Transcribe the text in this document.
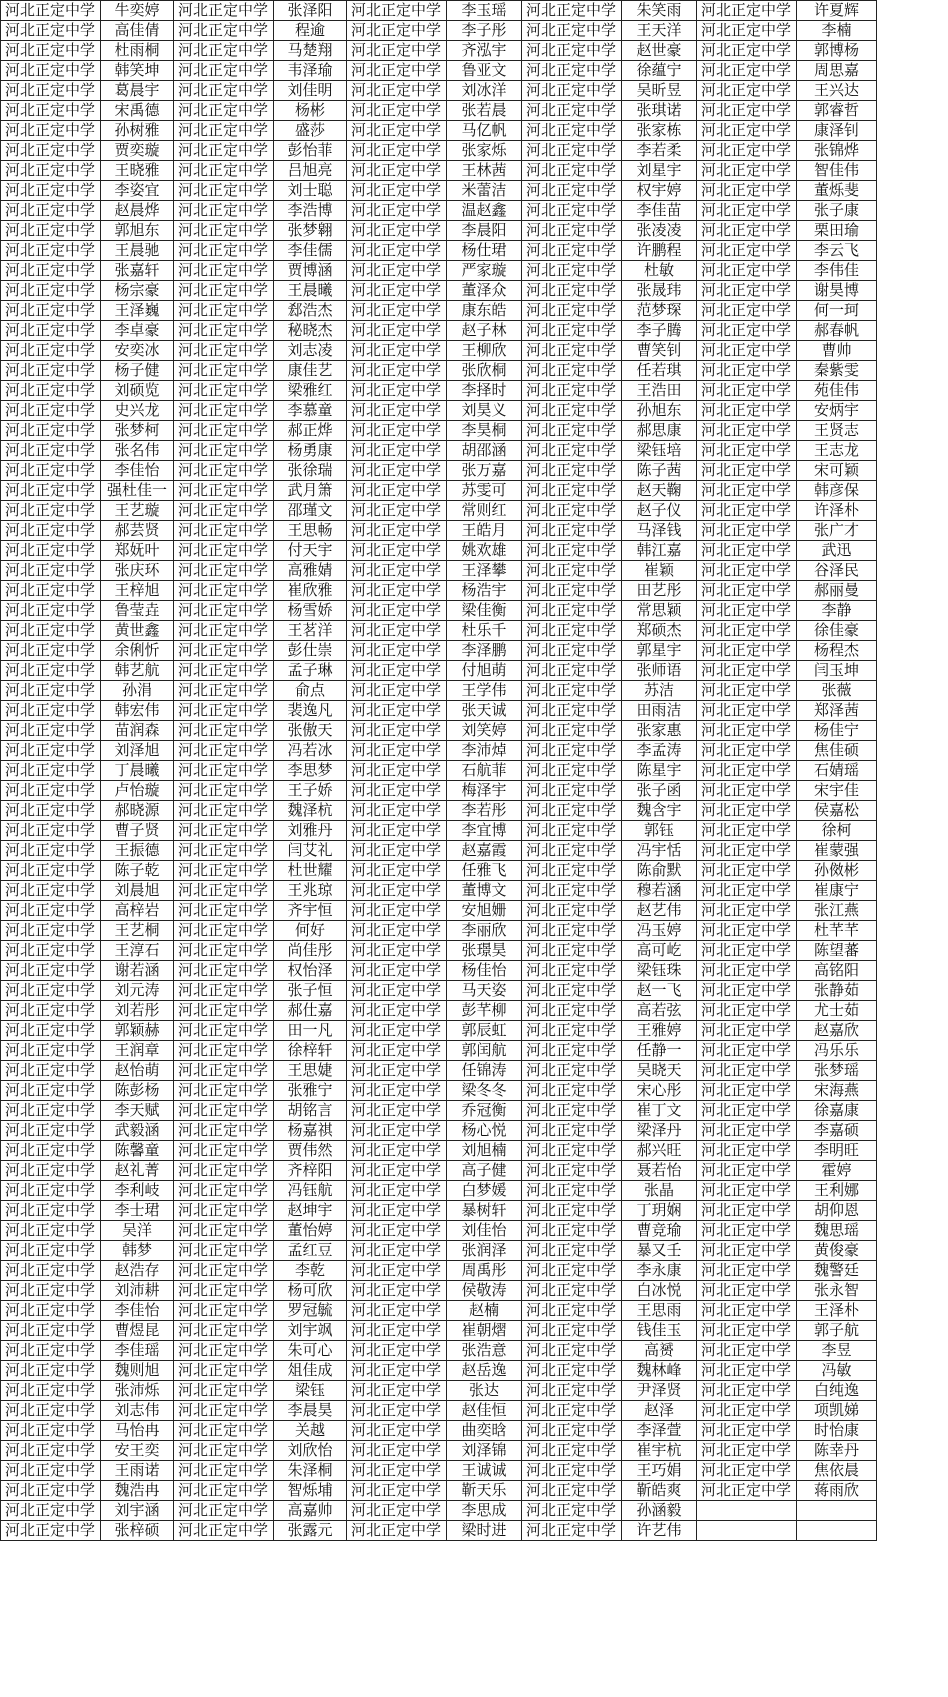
河北正定中学	牛奕婷	河北正定中学	张泽阳	河北正定中学	李玉瑶	河北正定中学	朱笑雨	河北正定中学	许夏辉
河北正定中学	高佳倩	河北正定中学	程逾	河北正定中学	李子彤	河北正定中学	王天洋	河北正定中学	李楠
河北正定中学	杜雨桐	河北正定中学	马楚翔	河北正定中学	齐泓宇	河北正定中学	赵世豪	河北正定中学	郭博杨
河北正定中学	韩笑坤	河北正定中学	韦泽瑜	河北正定中学	鲁亚文	河北正定中学	徐蕴宁	河北正定中学	周思嘉
河北正定中学	葛晨宇	河北正定中学	刘佳明	河北正定中学	刘冰洋	河北正定中学	吴昕昱	河北正定中学	王兴达
河北正定中学	宋禹德	河北正定中学	杨彬	河北正定中学	张若晨	河北正定中学	张琪诺	河北正定中学	郭睿哲
河北正定中学	孙树雅	河北正定中学	盛莎	河北正定中学	马亿帆	河北正定中学	张家栋	河北正定中学	康泽钊
河北正定中学	贾奕璇	河北正定中学	彭怡菲	河北正定中学	张家烁	河北正定中学	李若柔	河北正定中学	张锦烨
河北正定中学	王晓雅	河北正定中学	吕旭亮	河北正定中学	王林茜	河北正定中学	刘星宇	河北正定中学	智佳伟
河北正定中学	李姿宜	河北正定中学	刘士聪	河北正定中学	米蕾洁	河北正定中学	权宇婷	河北正定中学	董烁斐
河北正定中学	赵晨烨	河北正定中学	李浩博	河北正定中学	温赵鑫	河北正定中学	李佳苗	河北正定中学	张子康
河北正定中学	郭旭东	河北正定中学	张梦翱	河北正定中学	李晨阳	河北正定中学	张凌凌	河北正定中学	栗田瑜
河北正定中学	王晨驰	河北正定中学	李佳儒	河北正定中学	杨仕珺	河北正定中学	许鹏程	河北正定中学	李云飞
河北正定中学	张嘉轩	河北正定中学	贾博涵	河北正定中学	严家璇	河北正定中学	杜敏	河北正定中学	李伟佳
河北正定中学	杨宗豪	河北正定中学	王晨曦	河北正定中学	董泽众	河北正定中学	张晟玮	河北正定中学	谢昊博
河北正定中学	王泽巍	河北正定中学	郄浩杰	河北正定中学	康东皓	河北正定中学	范梦琛	河北正定中学	何一珂
河北正定中学	李卓豪	河北正定中学	秘晓杰	河北正定中学	赵子林	河北正定中学	李子腾	河北正定中学	郝春帆
河北正定中学	安奕冰	河北正定中学	刘志凌	河北正定中学	王柳欣	河北正定中学	曹笑钊	河北正定中学	曹帅
河北正定中学	杨子健	河北正定中学	康佳艺	河北正定中学	张欣桐	河北正定中学	任若琪	河北正定中学	秦紫雯
河北正定中学	刘硕览	河北正定中学	梁雅红	河北正定中学	李择时	河北正定中学	王浩田	河北正定中学	苑佳伟
河北正定中学	史兴龙	河北正定中学	李慕童	河北正定中学	刘昊义	河北正定中学	孙旭东	河北正定中学	安炳宇
河北正定中学	张梦柯	河北正定中学	郝正烨	河北正定中学	李昊桐	河北正定中学	郝思康	河北正定中学	王贤志
河北正定中学	张名伟	河北正定中学	杨勇康	河北正定中学	胡邵涵	河北正定中学	梁钰培	河北正定中学	王志龙
河北正定中学	李佳怡	河北正定中学	张徐瑞	河北正定中学	张万嘉	河北正定中学	陈子茜	河北正定中学	宋可颖
河北正定中学	强杜佳一	河北正定中学	武月箫	河北正定中学	苏雯可	河北正定中学	赵天鞠	河北正定中学	韩彦保
河北正定中学	王艺璇	河北正定中学	邵瑾文	河北正定中学	常则红	河北正定中学	赵子仪	河北正定中学	许泽朴
河北正定中学	郝芸贤	河北正定中学	王思畅	河北正定中学	王皓月	河北正定中学	马泽钱	河北正定中学	张广才
河北正定中学	郑妩叶	河北正定中学	付天宇	河北正定中学	姚欢雄	河北正定中学	韩江嘉	河北正定中学	武迅
河北正定中学	张庆环	河北正定中学	高雅婧	河北正定中学	王泽攀	河北正定中学	崔颖	河北正定中学	谷泽民
河北正定中学	王梓旭	河北正定中学	崔欣雅	河北正定中学	杨浩宇	河北正定中学	田艺彤	河北正定中学	郝丽曼
河北正定中学	鲁莹垚	河北正定中学	杨雪娇	河北正定中学	梁佳衡	河北正定中学	常思颖	河北正定中学	李静
河北正定中学	黄世鑫	河北正定中学	王茗洋	河北正定中学	杜乐千	河北正定中学	郑硕杰	河北正定中学	徐佳豪
河北正定中学	余俐忻	河北正定中学	彭仕崇	河北正定中学	李泽鹏	河北正定中学	郭星宇	河北正定中学	杨程杰
河北正定中学	韩艺航	河北正定中学	孟子琳	河北正定中学	付旭萌	河北正定中学	张师语	河北正定中学	闫玉坤
河北正定中学	孙涓	河北正定中学	俞点	河北正定中学	王学伟	河北正定中学	苏洁	河北正定中学	张薇
河北正定中学	韩宏伟	河北正定中学	裴逸凡	河北正定中学	张天诚	河北正定中学	田雨洁	河北正定中学	郑泽茜
河北正定中学	苗润森	河北正定中学	张傲天	河北正定中学	刘笑婷	河北正定中学	张家惠	河北正定中学	杨佳宁
河北正定中学	刘泽旭	河北正定中学	冯若冰	河北正定中学	李沛焯	河北正定中学	李孟涛	河北正定中学	焦佳硕
河北正定中学	丁晨曦	河北正定中学	李思梦	河北正定中学	石航菲	河北正定中学	陈星宇	河北正定中学	石婧瑶
河北正定中学	卢怡璇	河北正定中学	王子娇	河北正定中学	梅泽宇	河北正定中学	张子函	河北正定中学	宋宇佳
河北正定中学	郝晓源	河北正定中学	魏泽杭	河北正定中学	李若彤	河北正定中学	魏含宇	河北正定中学	侯嘉松
河北正定中学	曹子贤	河北正定中学	刘雅丹	河北正定中学	李宜博	河北正定中学	郭钰	河北正定中学	徐柯
河北正定中学	王振德	河北正定中学	闫艾礼	河北正定中学	赵嘉霞	河北正定中学	冯宇恬	河北正定中学	崔蒙强
河北正定中学	陈子乾	河北正定中学	杜世耀	河北正定中学	任雅飞	河北正定中学	陈俞默	河北正定中学	孙傚彬
河北正定中学	刘晨旭	河北正定中学	王兆琼	河北正定中学	董博文	河北正定中学	穆若涵	河北正定中学	崔康宁
河北正定中学	高梓岩	河北正定中学	齐宇恒	河北正定中学	安旭姗	河北正定中学	赵艺伟	河北正定中学	张江燕
河北正定中学	王艺桐	河北正定中学	何好	河北正定中学	李丽欣	河北正定中学	冯玉婷	河北正定中学	杜芊芊
河北正定中学	王淳石	河北正定中学	尚佳彤	河北正定中学	张璟昊	河北正定中学	高可屹	河北正定中学	陈望蕃
河北正定中学	谢若涵	河北正定中学	权怡泽	河北正定中学	杨佳怡	河北正定中学	梁钰珠	河北正定中学	高铭阳
河北正定中学	刘元涛	河北正定中学	张子恒	河北正定中学	马天姿	河北正定中学	赵一飞	河北正定中学	张静茹
河北正定中学	刘若彤	河北正定中学	郝仕嘉	河北正定中学	彭芊柳	河北正定中学	高若弦	河北正定中学	尤士茹
河北正定中学	郭颖赫	河北正定中学	田一凡	河北正定中学	郭辰虹	河北正定中学	王雅婷	河北正定中学	赵嘉欣
河北正定中学	王润章	河北正定中学	徐梓轩	河北正定中学	郭闰航	河北正定中学	任静一	河北正定中学	冯乐乐
河北正定中学	赵怡萌	河北正定中学	王思婕	河北正定中学	任锦涛	河北正定中学	吴晓天	河北正定中学	张梦瑶
河北正定中学	陈彭杨	河北正定中学	张雅宁	河北正定中学	梁冬冬	河北正定中学	宋心彤	河北正定中学	宋海燕
河北正定中学	李天赋	河北正定中学	胡铭言	河北正定中学	乔冠衡	河北正定中学	崔丁文	河北正定中学	徐嘉康
河北正定中学	武毅涵	河北正定中学	杨嘉祺	河北正定中学	杨心悦	河北正定中学	梁泽丹	河北正定中学	李嘉硕
河北正定中学	陈馨童	河北正定中学	贾伟然	河北正定中学	刘旭楠	河北正定中学	郝兴旺	河北正定中学	李明旺
河北正定中学	赵礼菁	河北正定中学	齐梓阳	河北正定中学	高子健	河北正定中学	聂若怡	河北正定中学	霍婷
河北正定中学	李利岐	河北正定中学	冯钰航	河北正定中学	白梦媛	河北正定中学	张晶	河北正定中学	王利娜
河北正定中学	李士珺	河北正定中学	赵坤宇	河北正定中学	暴树轩	河北正定中学	丁玥娴	河北正定中学	胡仰恩
河北正定中学	吴洋	河北正定中学	董怡婷	河北正定中学	刘佳怡	河北正定中学	曹竞瑜	河北正定中学	魏思瑶
河北正定中学	韩梦	河北正定中学	孟红豆	河北正定中学	张润泽	河北正定中学	暴又壬	河北正定中学	黄俊豪
河北正定中学	赵浩存	河北正定中学	李乾	河北正定中学	周禹彤	河北正定中学	李永康	河北正定中学	魏警廷
河北正定中学	刘沛耕	河北正定中学	杨可欣	河北正定中学	侯敬涛	河北正定中学	白冰悦	河北正定中学	张永智
河北正定中学	李佳怡	河北正定中学	罗冠毓	河北正定中学	赵楠	河北正定中学	王思雨	河北正定中学	王泽朴
河北正定中学	曹煜昆	河北正定中学	刘宇飒	河北正定中学	崔朝熠	河北正定中学	钱佳玉	河北正定中学	郭子航
河北正定中学	李佳瑶	河北正定中学	朱可心	河北正定中学	张浩意	河北正定中学	高赟	河北正定中学	李昱
河北正定中学	魏则旭	河北正定中学	俎佳成	河北正定中学	赵岳逸	河北正定中学	魏林峰	河北正定中学	冯敏
河北正定中学	张沛烁	河北正定中学	梁钰	河北正定中学	张达	河北正定中学	尹泽贤	河北正定中学	白纯逸
河北正定中学	刘志伟	河北正定中学	李晨昊	河北正定中学	赵佳恒	河北正定中学	赵泽	河北正定中学	项凯娣
河北正定中学	马怡冉	河北正定中学	关越	河北正定中学	曲奕晗	河北正定中学	李泽萱	河北正定中学	时怡康
河北正定中学	安王奕	河北正定中学	刘欣怡	河北正定中学	刘泽锦	河北正定中学	崔宇杭	河北正定中学	陈幸丹
河北正定中学	王雨诺	河北正定中学	朱泽桐	河北正定中学	王诚诚	河北正定中学	王巧娟	河北正定中学	焦依晨
河北正定中学	魏浩冉	河北正定中学	智烁埔	河北正定中学	靳天乐	河北正定中学	靳皓爽	河北正定中学	蒋雨欣
河北正定中学	刘宇涵	河北正定中学	高嘉帅	河北正定中学	李思成	河北正定中学	孙涵毅		
河北正定中学	张梓硕	河北正定中学	张露元	河北正定中学	梁时进	河北正定中学	许艺伟		
